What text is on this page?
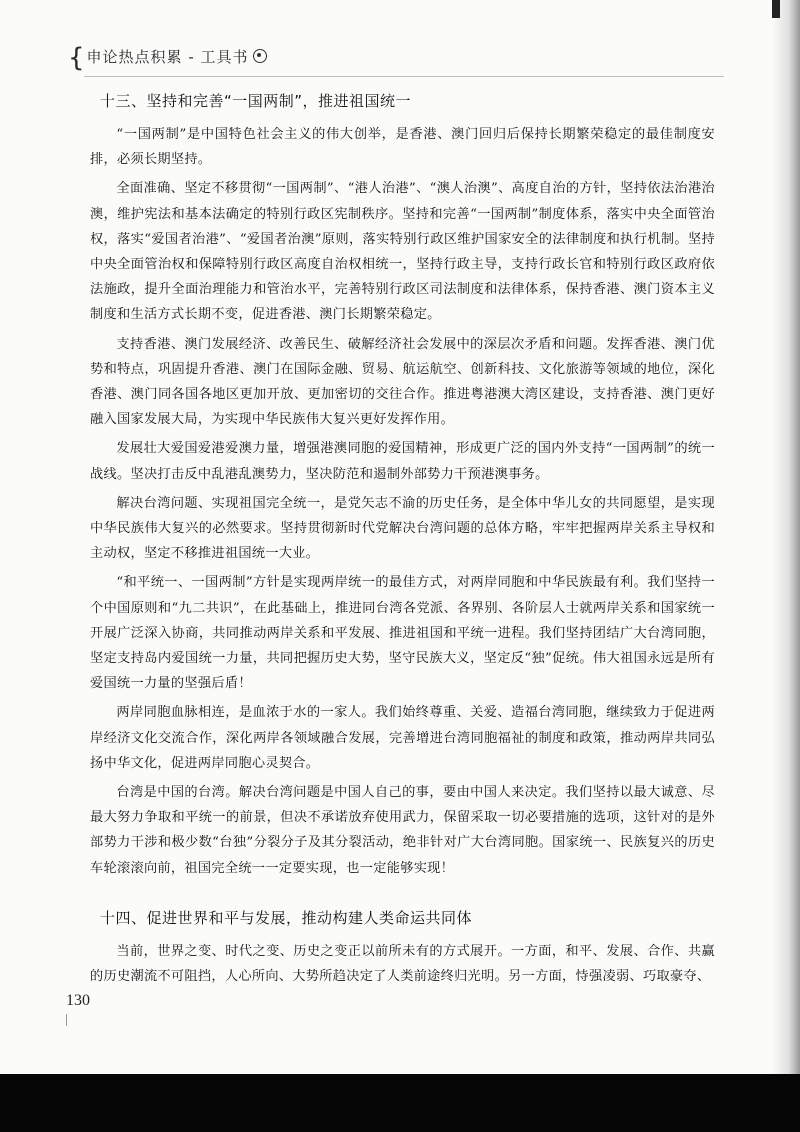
{ 申论热点积累 - 工具书
十三、坚持和完善“一国两制”，推进祖国统一

“一国两制”是中国特色社会主义的伟大创举，是香港、澳门回归后保持长期繁荣稳定的最佳制度安排，必须长期坚持。

全面准确、坚定不移贯彻“一国两制”、“港人治港”、“澳人治澳”、高度自治的方针，坚持依法治港治澳，维护宪法和基本法确定的特别行政区宪制秩序。坚持和完善“一国两制”制度体系，落实中央全面管治权，落实“爱国者治港”、“爱国者治澳”原则，落实特别行政区维护国家安全的法律制度和执行机制。坚持中央全面管治权和保障特别行政区高度自治权相统一，坚持行政主导，支持行政长官和特别行政区政府依法施政，提升全面治理能力和管治水平，完善特别行政区司法制度和法律体系，保持香港、澳门资本主义制度和生活方式长期不变，促进香港、澳门长期繁荣稳定。

支持香港、澳门发展经济、改善民生、破解经济社会发展中的深层次矛盾和问题。发挥香港、澳门优势和特点，巩固提升香港、澳门在国际金融、贸易、航运航空、创新科技、文化旅游等领域的地位，深化香港、澳门同各国各地区更加开放、更加密切的交往合作。推进粤港澳大湾区建设，支持香港、澳门更好融入国家发展大局，为实现中华民族伟大复兴更好发挥作用。

发展壮大爱国爱港爱澳力量，增强港澳同胞的爱国精神，形成更广泛的国内外支持“一国两制”的统一战线。坚决打击反中乱港乱澳势力，坚决防范和遏制外部势力干预港澳事务。

解决台湾问题、实现祖国完全统一，是党矢志不渝的历史任务，是全体中华儿女的共同愿望，是实现中华民族伟大复兴的必然要求。坚持贯彻新时代党解决台湾问题的总体方略，牢牢把握两岸关系主导权和主动权，坚定不移推进祖国统一大业。

“和平统一、一国两制”方针是实现两岸统一的最佳方式，对两岸同胞和中华民族最有利。我们坚持一个中国原则和“九二共识”，在此基础上，推进同台湾各党派、各界别、各阶层人士就两岸关系和国家统一开展广泛深入协商，共同推动两岸关系和平发展、推进祖国和平统一进程。我们坚持团结广大台湾同胞，坚定支持岛内爱国统一力量，共同把握历史大势，坚守民族大义，坚定反“独”促统。伟大祖国永远是所有爱国统一力量的坚强后盾！

两岸同胞血脉相连，是血浓于水的一家人。我们始终尊重、关爱、造福台湾同胞，继续致力于促进两岸经济文化交流合作，深化两岸各领域融合发展，完善增进台湾同胞福祉的制度和政策，推动两岸共同弘扬中华文化，促进两岸同胞心灵契合。

台湾是中国的台湾。解决台湾问题是中国人自己的事，要由中国人来决定。我们坚持以最大诚意、尽最大努力争取和平统一的前景，但决不承诺放弃使用武力，保留采取一切必要措施的选项，这针对的是外部势力干涉和极少数“台独”分裂分子及其分裂活动，绝非针对广大台湾同胞。国家统一、民族复兴的历史车轮滚滚向前，祖国完全统一一定要实现，也一定能够实现！

十四、促进世界和平与发展，推动构建人类命运共同体

当前，世界之变、时代之变、历史之变正以前所未有的方式展开。一方面，和平、发展、合作、共赢的历史潮流不可阻挡，人心所向、大势所趋决定了人类前途终归光明。另一方面，恃强凌弱、巧取豪夺、

130
